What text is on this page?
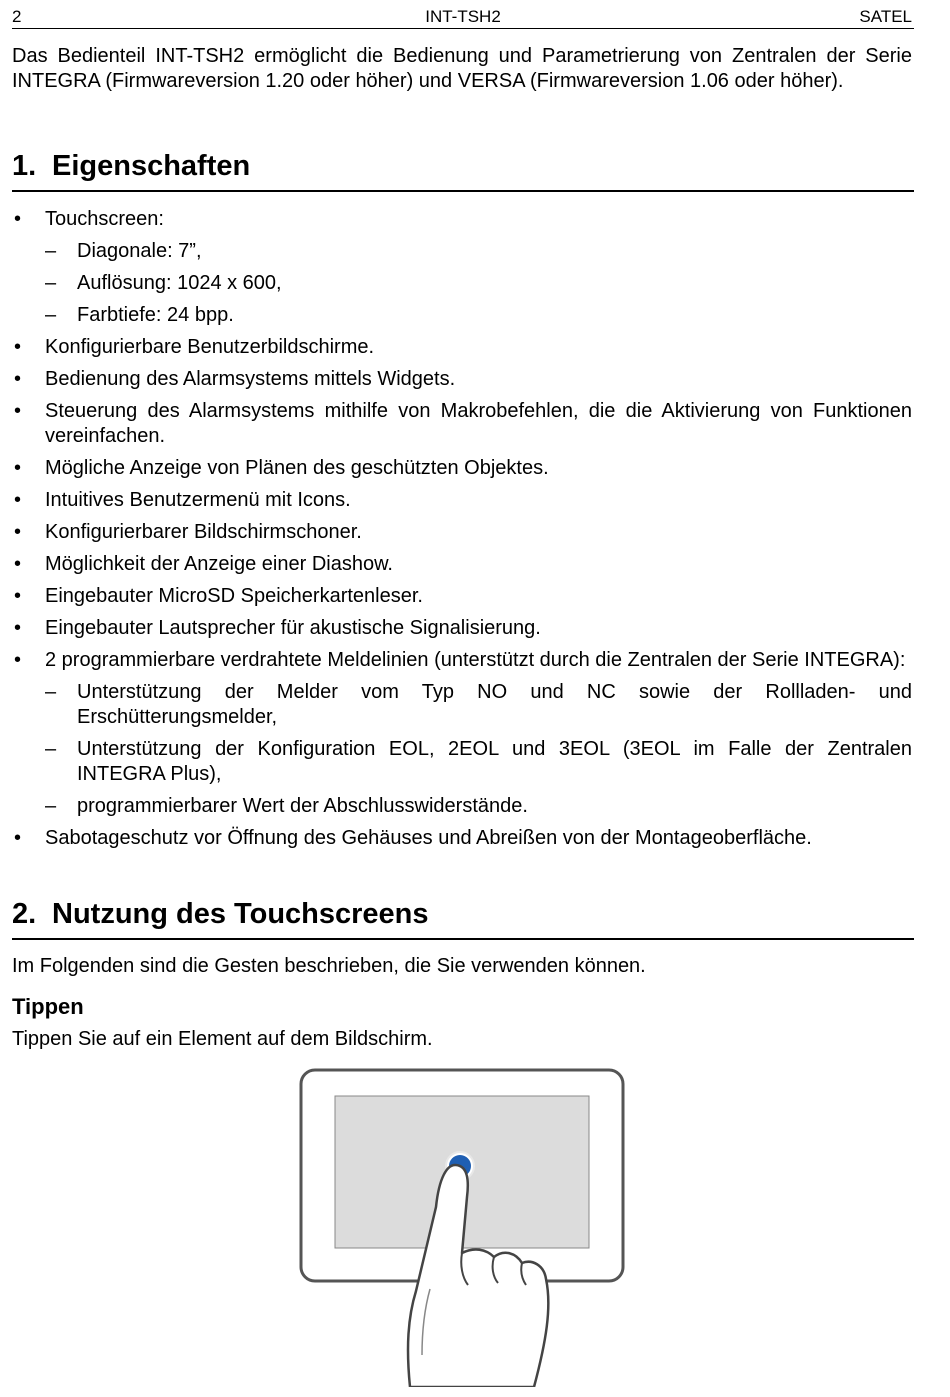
2	INT-TSH2	SATEL
Das Bedienteil INT-TSH2 ermöglicht die Bedienung und Parametrierung von Zentralen der Serie INTEGRA (Firmwareversion 1.20 oder höher) und VERSA (Firmwareversion 1.06 oder höher).
1. Eigenschaften
• Touchscreen:
– Diagonale: 7”,
– Auflösung: 1024 x 600,
– Farbtiefe: 24 bpp.
• Konfigurierbare Benutzerbildschirme.
• Bedienung des Alarmsystems mittels Widgets.
• Steuerung des Alarmsystems mithilfe von Makrobefehlen, die die Aktivierung von Funktionen vereinfachen.
• Mögliche Anzeige von Plänen des geschützten Objektes.
• Intuitives Benutzermenü mit Icons.
• Konfigurierbarer Bildschirmschoner.
• Möglichkeit der Anzeige einer Diashow.
• Eingebauter MicroSD Speicherkartenleser.
• Eingebauter Lautsprecher für akustische Signalisierung.
• 2 programmierbare verdrahtete Meldelinien (unterstützt durch die Zentralen der Serie INTEGRA):
– Unterstützung der Melder vom Typ NO und NC sowie der Rollladen- und Erschütterungsmelder,
– Unterstützung der Konfiguration EOL, 2EOL und 3EOL (3EOL im Falle der Zentralen INTEGRA Plus),
– programmierbarer Wert der Abschlusswiderstände.
• Sabotageschutz vor Öffnung des Gehäuses und Abreißen von der Montageoberfläche.
2. Nutzung des Touchscreens
Im Folgenden sind die Gesten beschrieben, die Sie verwenden können.
Tippen
Tippen Sie auf ein Element auf dem Bildschirm.
